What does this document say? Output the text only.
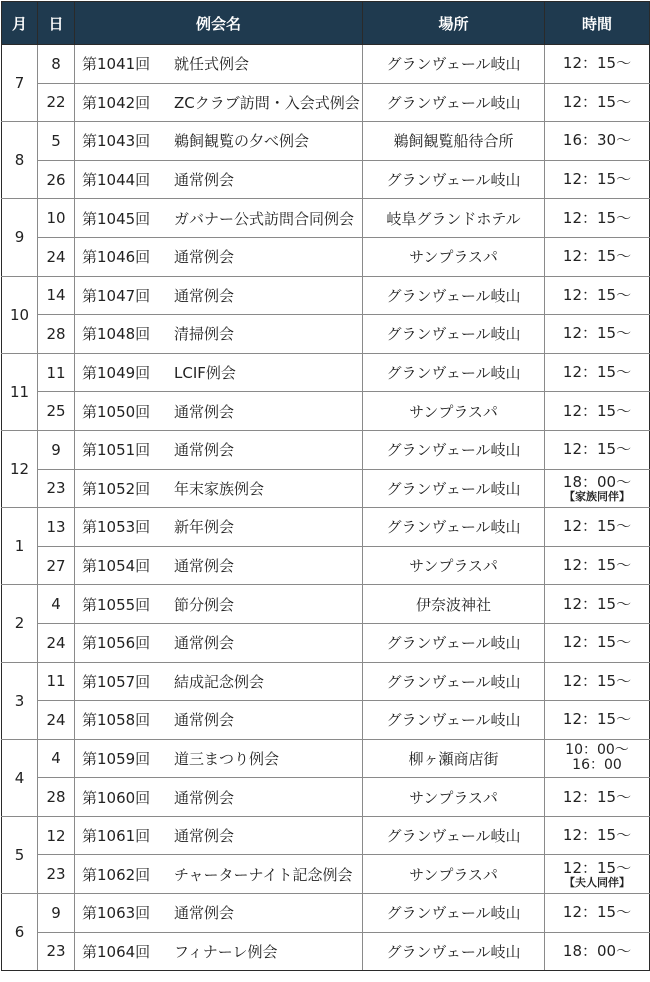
月	日	例会名	場所	時間
7	8	第1041回 就任式例会	グランヴェール岐山	12：15～

	22	第1042回 ZCクラブ訪問・入会式例会	グランヴェール岐山	12：15～

8	5	第1043回 鵜飼観覧の夕べ例会	鵜飼観覧船待合所	16：30～

	26	第1044回 通常例会	グランヴェール岐山	12：15～

9	10	第1045回 ガバナー公式訪問合同例会	岐阜グランドホテル	12：15～

	24	第1046回 通常例会	サンプラスパ	12：15～

10	14	第1047回 通常例会	グランヴェール岐山	12：15～

	28	第1048回 清掃例会	グランヴェール岐山	12：15～

11	11	第1049回 LCIF例会	グランヴェール岐山	12：15～

	25	第1050回 通常例会	サンプラスパ	12：15～

12	9	第1051回 通常例会	グランヴェール岐山	12：15～

	23	第1052回 年末家族例会	グランヴェール岐山	18：00～
【家族同伴】

1	13	第1053回 新年例会	グランヴェール岐山	12：15～

	27	第1054回 通常例会	サンプラスパ	12：15～

2	4	第1055回 節分例会	伊奈波神社	12：15～

	24	第1056回 通常例会	グランヴェール岐山	12：15～

3	11	第1057回 結成記念例会	グランヴェール岐山	12：15～

	24	第1058回 通常例会	グランヴェール岐山	12：15～

4	4	第1059回 道三まつり例会	柳ヶ瀬商店街	10：00～
16：00

	28	第1060回 通常例会	サンプラスパ	12：15～

5	12	第1061回 通常例会	グランヴェール岐山	12：15～

	23	第1062回 チャーターナイト記念例会	サンプラスパ	12：15～
【夫人同伴】

6	9	第1063回 通常例会	グランヴェール岐山	12：15～

	23	第1064回 フィナーレ例会	グランヴェール岐山	18：00～
